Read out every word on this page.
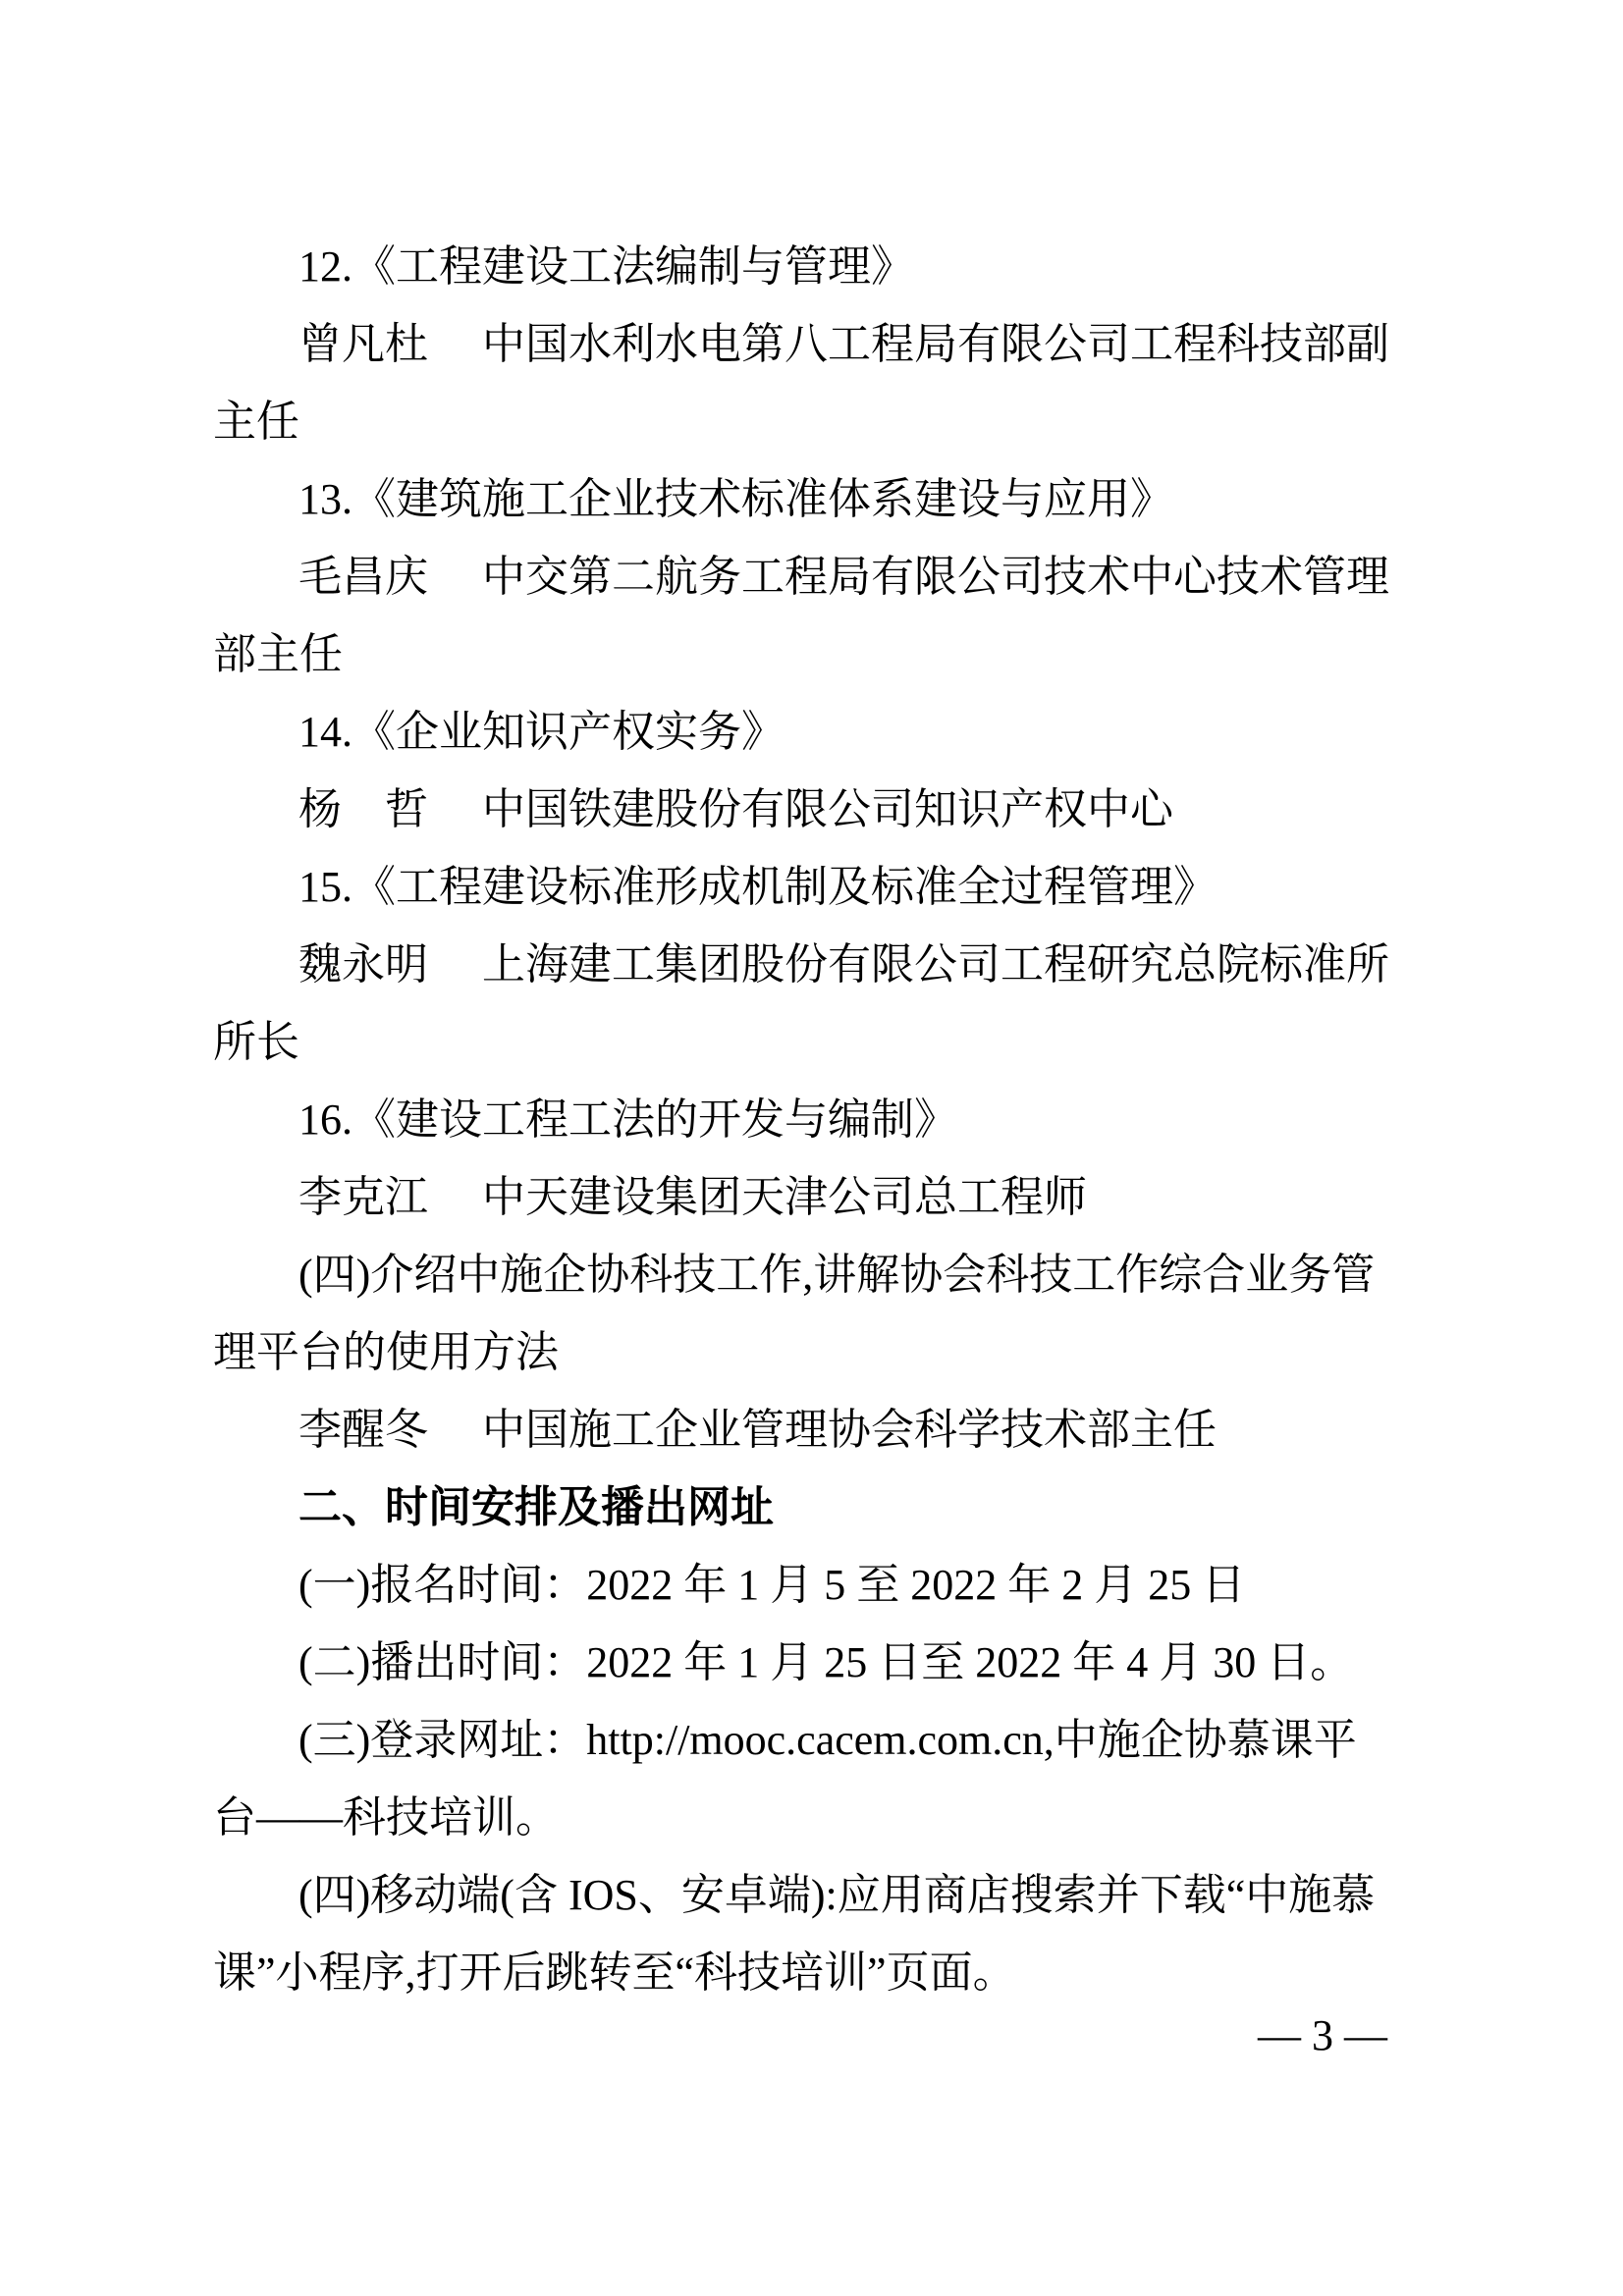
12.《工程建设工法编制与管理》
曾凡杜　 中国水利水电第八工程局有限公司工程科技部副
主任
13.《建筑施工企业技术标准体系建设与应用》
毛昌庆　 中交第二航务工程局有限公司技术中心技术管理
部主任
14.《企业知识产权实务》
杨　哲　 中国铁建股份有限公司知识产权中心
15.《工程建设标准形成机制及标准全过程管理》
魏永明　 上海建工集团股份有限公司工程研究总院标准所
所长
16.《建设工程工法的开发与编制》
李克江　 中天建设集团天津公司总工程师
(四)介绍中施企协科技工作,讲解协会科技工作综合业务管
理平台的使用方法
李醒冬　 中国施工企业管理协会科学技术部主任
二、时间安排及播出网址
(一)报名时间：2022 年 1 月 5 至 2022 年 2 月 25 日
(二)播出时间：2022 年 1 月 25 日至 2022 年 4 月 30 日。
(三)登录网址：http://mooc.cacem.com.cn,中施企协慕课平
台——科技培训。
(四)移动端(含 IOS、安卓端):应用商店搜索并下载“中施慕
课”小程序,打开后跳转至“科技培训”页面。
— 3 —
